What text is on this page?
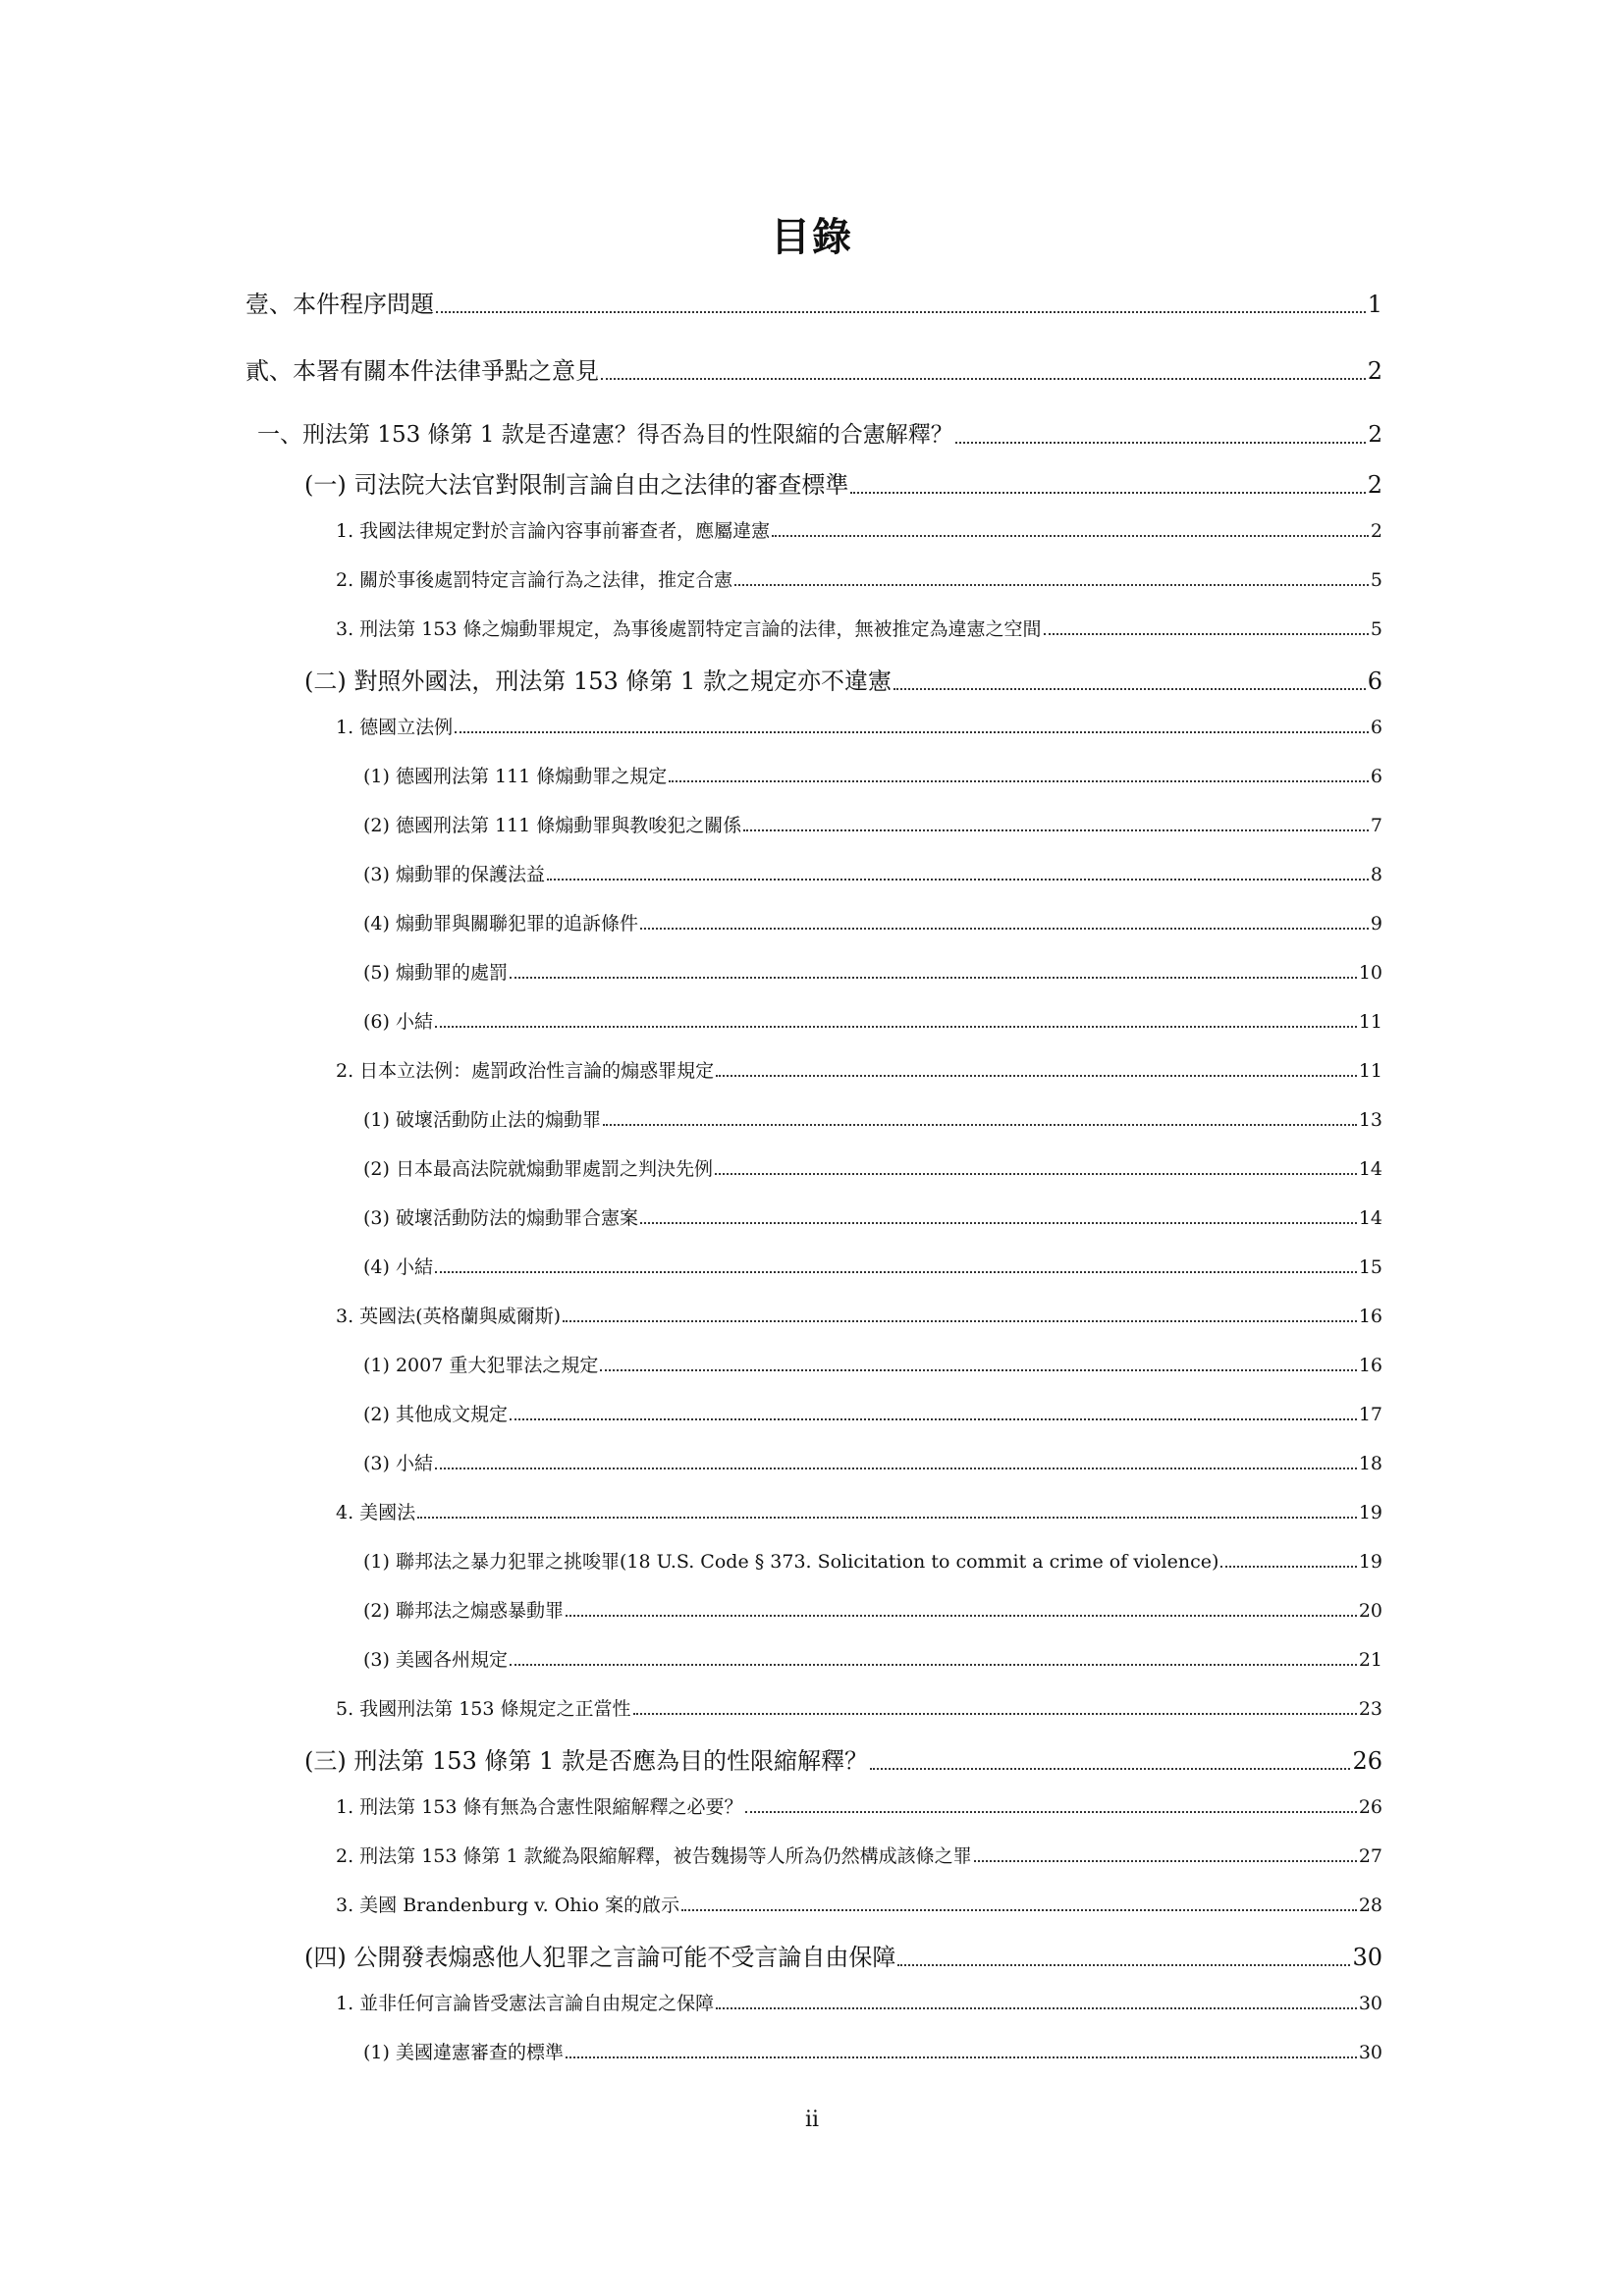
目錄
壹、本件程序問題	1
貳、本署有關本件法律爭點之意見	2
一、刑法第 153 條第 1 款是否違憲？得否為目的性限縮的合憲解釋？	2
(一) 司法院大法官對限制言論自由之法律的審查標準	2
1. 我國法律規定對於言論內容事前審查者，應屬違憲	2
2. 關於事後處罰特定言論行為之法律，推定合憲	5
3. 刑法第 153 條之煽動罪規定，為事後處罰特定言論的法律，無被推定為違憲之空間	5
(二) 對照外國法，刑法第 153 條第 1 款之規定亦不違憲	6
1. 德國立法例	6
(1) 德國刑法第 111 條煽動罪之規定	6
(2) 德國刑法第 111 條煽動罪與教唆犯之關係	7
(3) 煽動罪的保護法益	8
(4) 煽動罪與關聯犯罪的追訴條件	9
(5) 煽動罪的處罰	10
(6) 小結	11
2. 日本立法例：處罰政治性言論的煽惑罪規定	11
(1) 破壞活動防止法的煽動罪	13
(2) 日本最高法院就煽動罪處罰之判決先例	14
(3) 破壞活動防法的煽動罪合憲案	14
(4) 小結	15
3. 英國法(英格蘭與威爾斯)	16
(1) 2007 重大犯罪法之規定	16
(2) 其他成文規定	17
(3) 小結	18
4. 美國法	19
(1) 聯邦法之暴力犯罪之挑唆罪(18 U.S. Code § 373. Solicitation to commit a crime of violence)	19
(2) 聯邦法之煽惑暴動罪	20
(3) 美國各州規定	21
5. 我國刑法第 153 條規定之正當性	23
(三) 刑法第 153 條第 1 款是否應為目的性限縮解釋？	26
1. 刑法第 153 條有無為合憲性限縮解釋之必要？	26
2. 刑法第 153 條第 1 款縱為限縮解釋，被告魏揚等人所為仍然構成該條之罪	27
3. 美國 Brandenburg v. Ohio 案的啟示	28
(四) 公開發表煽惑他人犯罪之言論可能不受言論自由保障	30
1. 並非任何言論皆受憲法言論自由規定之保障	30
(1) 美國違憲審查的標準	30
ii
